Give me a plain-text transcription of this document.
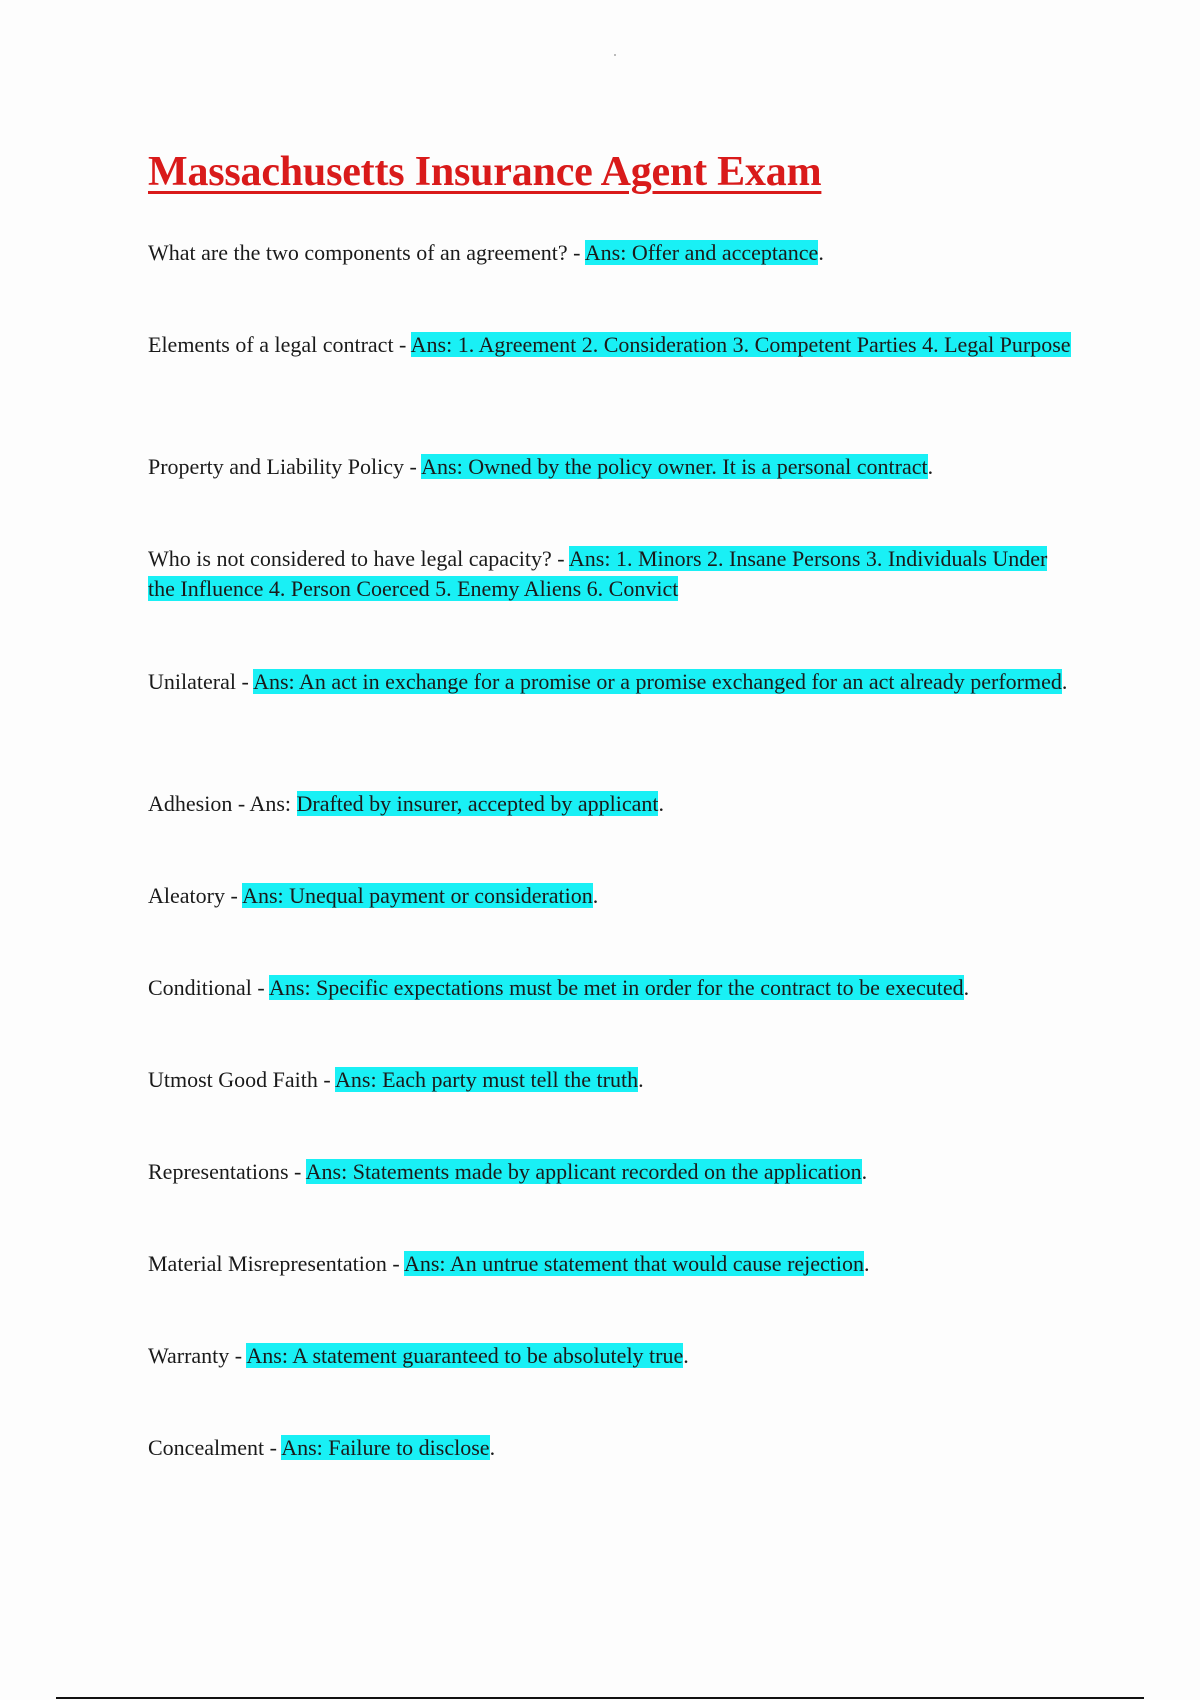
Massachusetts Insurance Agent Exam

What are the two components of an agreement? - Ans: Offer and acceptance.

Elements of a legal contract - Ans: 1. Agreement 2. Consideration 3. Competent Parties 4. Legal Purpose

Property and Liability Policy - Ans: Owned by the policy owner. It is a personal contract.

Who is not considered to have legal capacity? - Ans: 1. Minors 2. Insane Persons 3. Individuals Under the Influence 4. Person Coerced 5. Enemy Aliens 6. Convict

Unilateral - Ans: An act in exchange for a promise or a promise exchanged for an act already performed.

Adhesion - Ans: Drafted by insurer, accepted by applicant.

Aleatory - Ans: Unequal payment or consideration.

Conditional - Ans: Specific expectations must be met in order for the contract to be executed.

Utmost Good Faith - Ans: Each party must tell the truth.

Representations - Ans: Statements made by applicant recorded on the application.

Material Misrepresentation - Ans: An untrue statement that would cause rejection.

Warranty - Ans: A statement guaranteed to be absolutely true.

Concealment - Ans: Failure to disclose.
